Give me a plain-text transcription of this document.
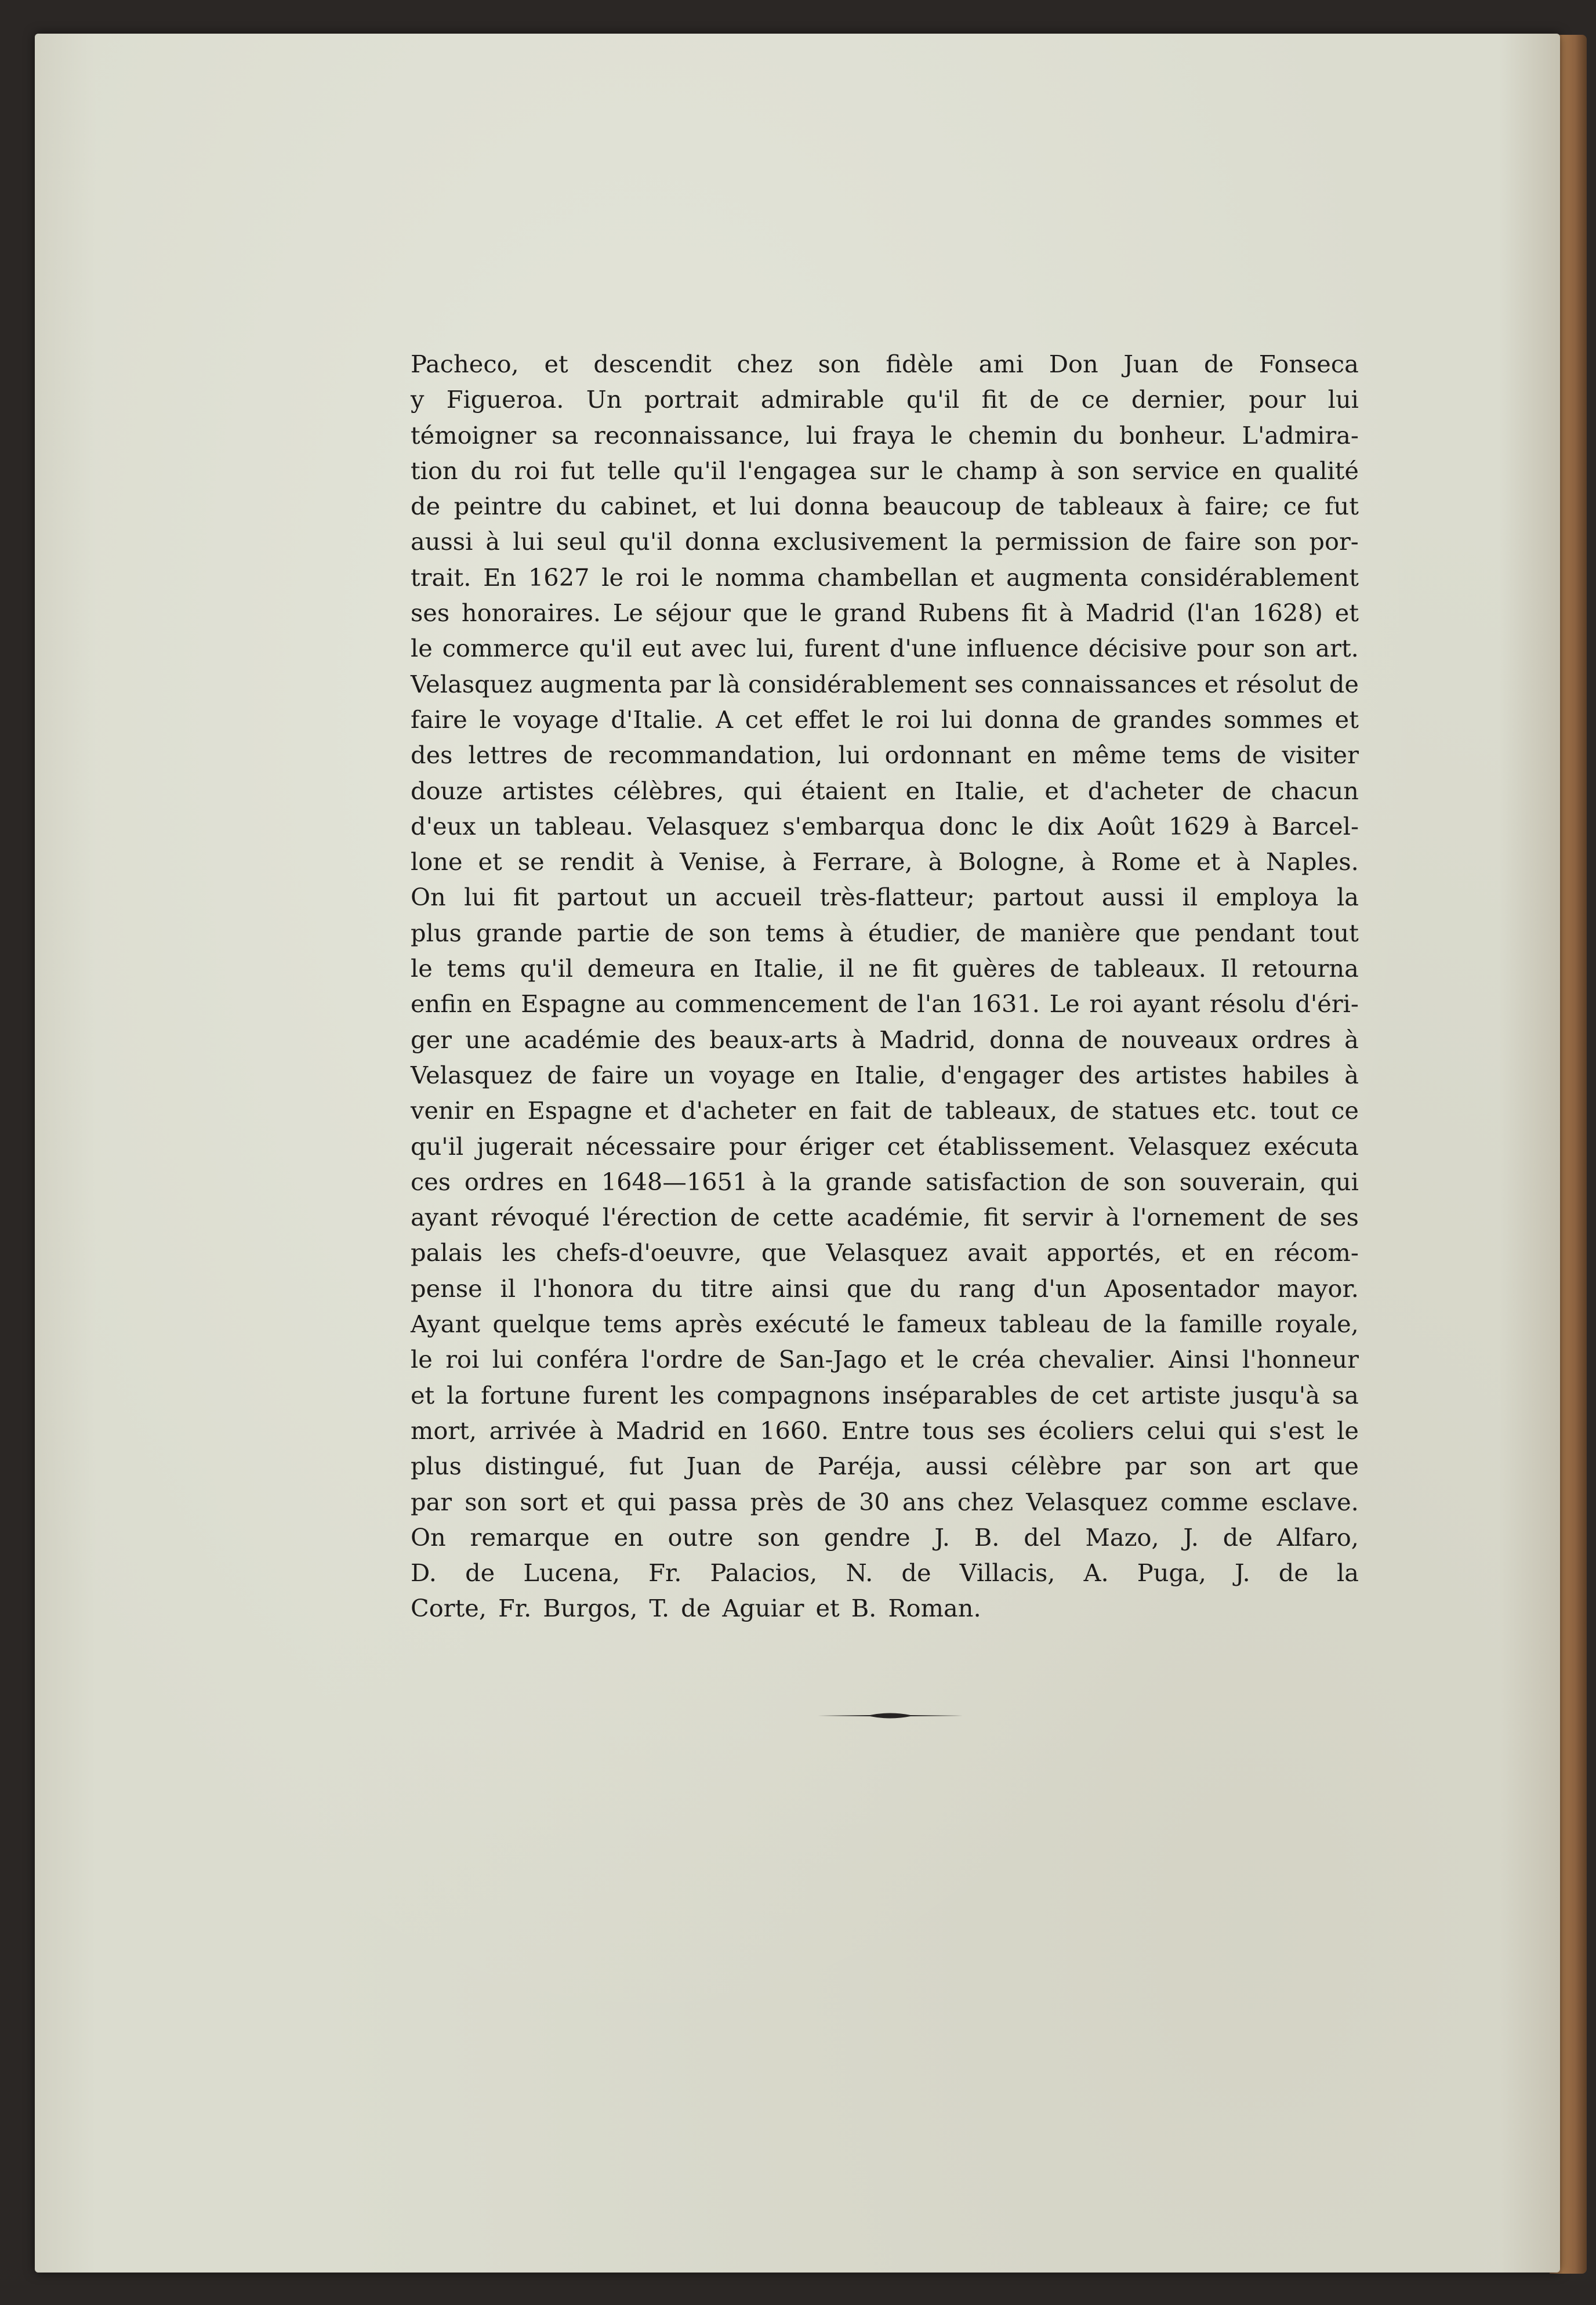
Pacheco, et descendit chez son fidèle ami Don Juan de Fonseca
y Figueroa. Un portrait admirable qu'il fit de ce dernier, pour lui
témoigner sa reconnaissance, lui fraya le chemin du bonheur. L'admira-
tion du roi fut telle qu'il l'engagea sur le champ à son service en qualité
de peintre du cabinet, et lui donna beaucoup de tableaux à faire; ce fut
aussi à lui seul qu'il donna exclusivement la permission de faire son por-
trait. En 1627 le roi le nomma chambellan et augmenta considérablement
ses honoraires. Le séjour que le grand Rubens fit à Madrid (l'an 1628) et
le commerce qu'il eut avec lui, furent d'une influence décisive pour son art.
Velasquez augmenta par là considérablement ses connaissances et résolut de
faire le voyage d'Italie. A cet effet le roi lui donna de grandes sommes et
des lettres de recommandation, lui ordonnant en même tems de visiter
douze artistes célèbres, qui étaient en Italie, et d'acheter de chacun
d'eux un tableau. Velasquez s'embarqua donc le dix Août 1629 à Barcel-
lone et se rendit à Venise, à Ferrare, à Bologne, à Rome et à Naples.
On lui fit partout un accueil très-flatteur; partout aussi il employa la
plus grande partie de son tems à étudier, de manière que pendant tout
le tems qu'il demeura en Italie, il ne fit guères de tableaux. Il retourna
enfin en Espagne au commencement de l'an 1631. Le roi ayant résolu d'éri-
ger une académie des beaux-arts à Madrid, donna de nouveaux ordres à
Velasquez de faire un voyage en Italie, d'engager des artistes habiles à
venir en Espagne et d'acheter en fait de tableaux, de statues etc. tout ce
qu'il jugerait nécessaire pour ériger cet établissement. Velasquez exécuta
ces ordres en 1648—1651 à la grande satisfaction de son souverain, qui
ayant révoqué l'érection de cette académie, fit servir à l'ornement de ses
palais les chefs-d'oeuvre, que Velasquez avait apportés, et en récom-
pense il l'honora du titre ainsi que du rang d'un Aposentador mayor.
Ayant quelque tems après exécuté le fameux tableau de la famille royale,
le roi lui conféra l'ordre de San-Jago et le créa chevalier. Ainsi l'honneur
et la fortune furent les compagnons inséparables de cet artiste jusqu'à sa
mort, arrivée à Madrid en 1660. Entre tous ses écoliers celui qui s'est le
plus distingué, fut Juan de Paréja, aussi célèbre par son art que
par son sort et qui passa près de 30 ans chez Velasquez comme esclave.
On remarque en outre son gendre J. B. del Mazo, J. de Alfaro,
D. de Lucena, Fr. Palacios, N. de Villacis, A. Puga, J. de la
Corte, Fr. Burgos, T. de Aguiar et B. Roman.
